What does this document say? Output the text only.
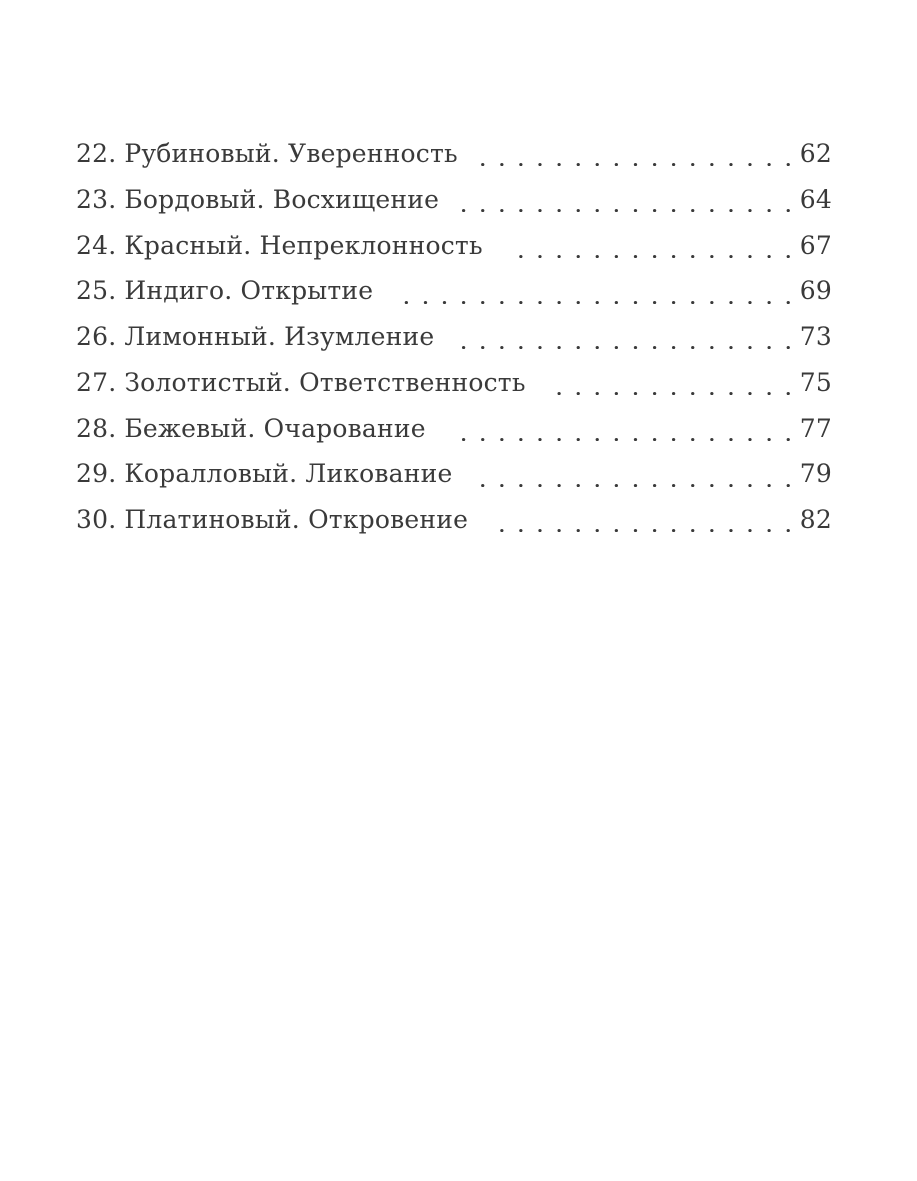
22. Рубиновый. Уверенность . . .	62
23. Бордовый. Восхищение . . .	64
24. Красный. Непреклонность . . .	67
25. Индиго. Открытие . . .	69
26. Лимонный. Изумление . . .	73
27. Золотистый. Ответственность . . .	75
28. Бежевый. Очарование . . .	77
29. Коралловый. Ликование . . .	79
30. Платиновый. Откровение . . .	82
